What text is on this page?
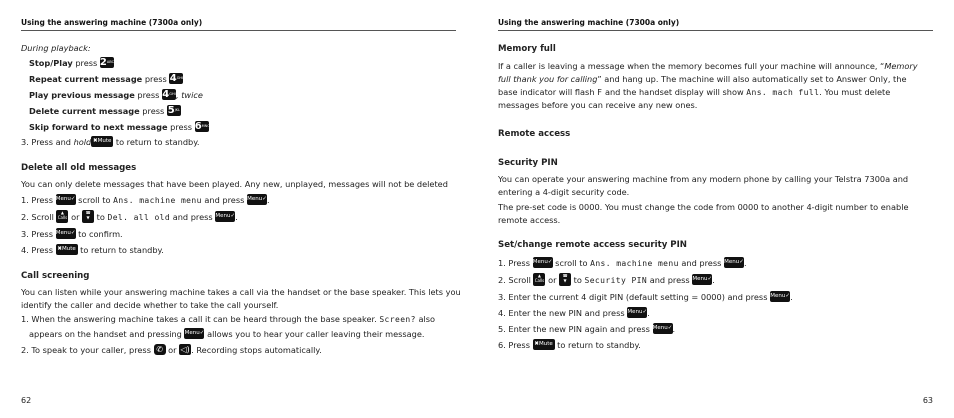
Using the answering machine (7300a only)

During playback:

Stop/Play press $2^{ABC}$

Repeat current message press $4^{GHI}$

Play previous message press $4^{GHI}$, twice

Delete current message press $5^{JKL}$

Skip forward to next message press $6^{MNO}$

3. Press and hold ✖Mute to return to standby.

Delete all old messages

You can only delete messages that have been played. Any new, unplayed, messages will not be deleted

1. Press Menu✓ scroll to Ans. machine menu and press Menu✓.

2. Scroll ▲
Calls or ☎
▼ to Del. all old and press Menu✓.

3. Press Menu✓ to confirm.

4. Press ✖Mute to return to standby.

Call screening

You can listen while your answering machine takes a call via the handset or the base speaker. This lets you identify the caller and decide whether to take the call yourself.

1. When the answering machine takes a call it can be heard through the base speaker. Screen? also

appears on the handset and pressing Menu✓ allows you to hear your caller leaving their message.

2. To speak to your caller, press ✆ or ◁). Recording stops automatically.

62
Using the answering machine (7300a only)

Memory full

If a caller is leaving a message when the memory becomes full your machine will announce, “Memory

full thank you for calling” and hang up. The machine will also automatically set to Answer Only, the

base indicator will flash F and the handset display will show Ans. mach full. You must delete

messages before you can receive any new ones.

Remote access

Security PIN

You can operate your answering machine from any modern phone by calling your Telstra 7300a and entering a 4-digit security code.

The pre-set code is 0000. You must change the code from 0000 to another 4-digit number to enable remote access.

Set/change remote access security PIN

1. Press Menu✓ scroll to Ans. machine menu and press Menu✓.

2. Scroll ▲
Calls or ☎
▼ to Security PIN and press Menu✓.

3. Enter the current 4 digit PIN (default setting = 0000) and press Menu✓.

4. Enter the new PIN and press Menu✓.

5. Enter the new PIN again and press Menu✓.

6. Press ✖Mute to return to standby.

63
